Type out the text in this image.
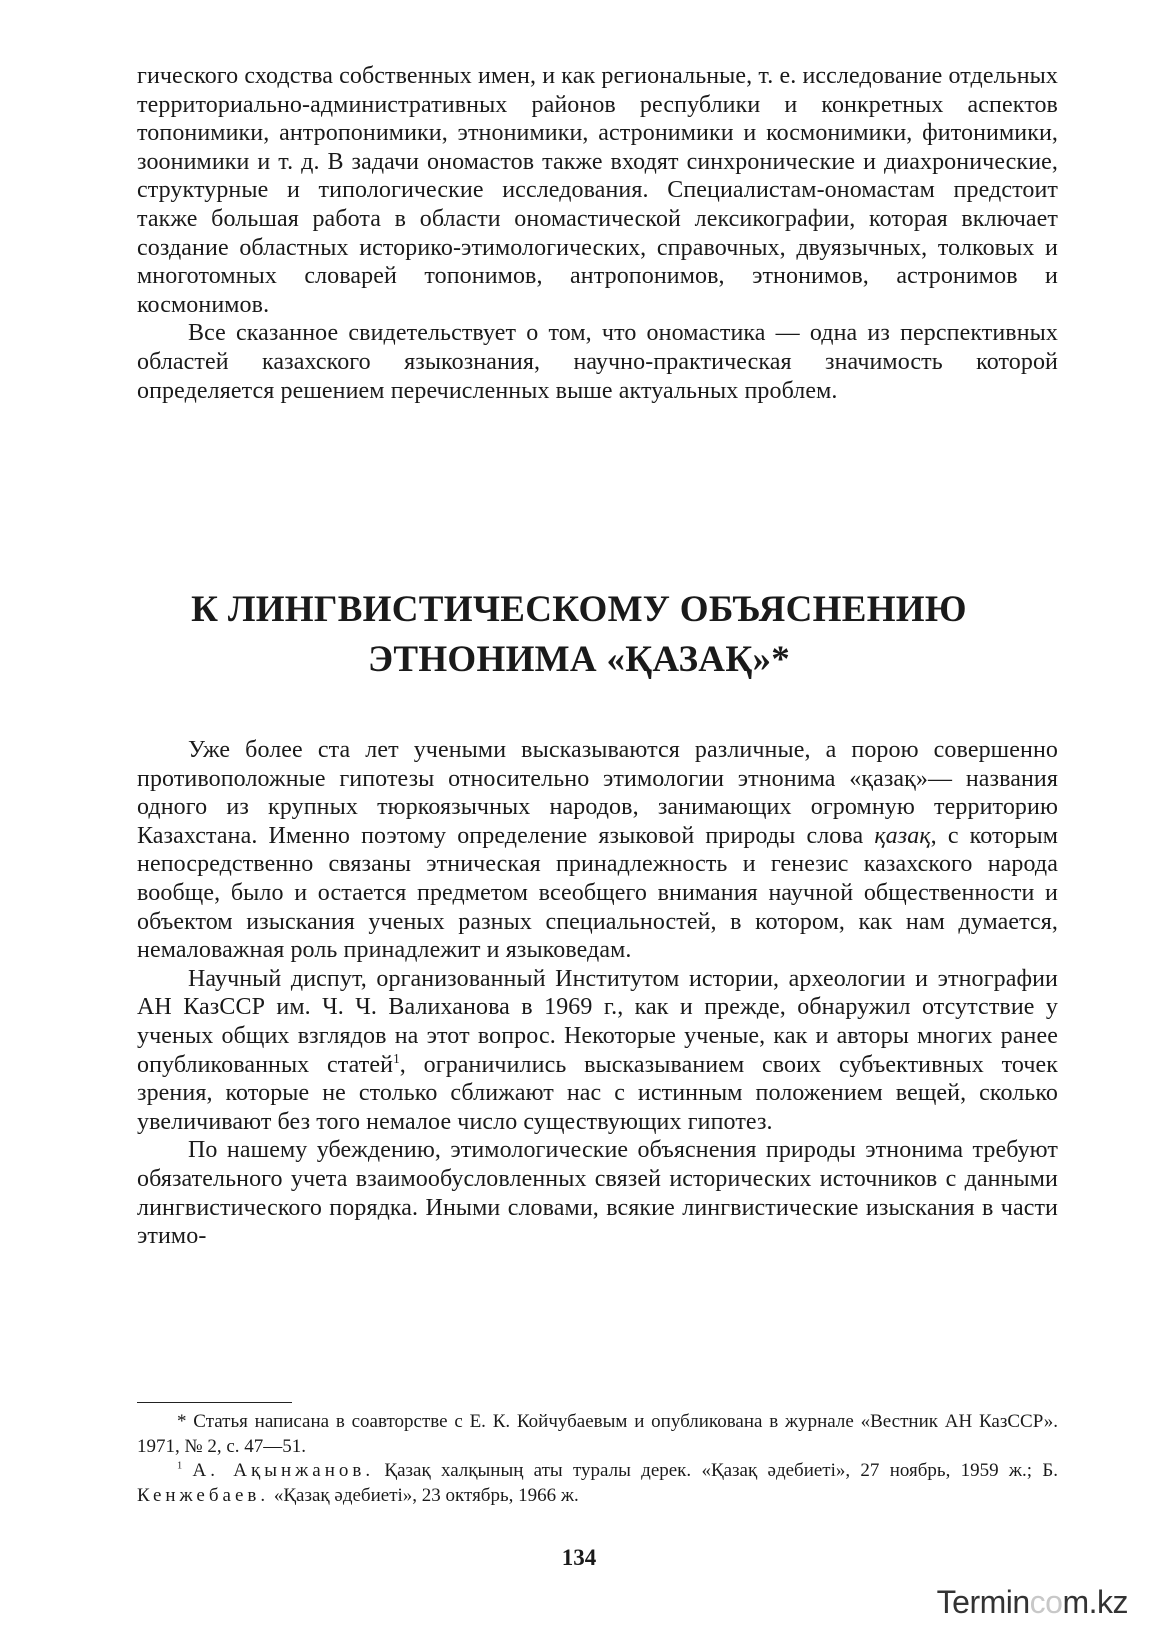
гического сходства собственных имен, и как региональные, т. е. исследование отдельных территориально-административных районов республики и конкретных аспектов топонимики, антропонимики, этнонимики, астронимики и космонимики, фитонимики, зоонимики и т. д. В задачи ономастов также входят синхронические и диахронические, структурные и типологические исследования. Специалистам-ономастам предстоит также большая работа в области ономастической лексикографии, которая включает создание областных историко-этимологических, справочных, двуязычных, толковых и многотомных словарей топонимов, антропонимов, этнонимов, астронимов и космонимов.

Все сказанное свидетельствует о том, что ономастика — одна из перспективных областей казахского языкознания, научно-практическая значимость которой определяется решением перечисленных выше актуальных проблем.

К ЛИНГВИСТИЧЕСКОМУ ОБЪЯСНЕНИЮ
ЭТНОНИМА «ҚАЗАҚ»*

Уже более ста лет учеными высказываются различные, а порою совершенно противоположные гипотезы относительно этимологии этнонима «қазақ»— названия одного из крупных тюркоязычных народов, занимающих огромную территорию Казахстана. Именно поэтому определение языковой природы слова қазақ, с которым непосредственно связаны этническая принадлежность и генезис казахского народа вообще, было и остается предметом всеобщего внимания научной общественности и объектом изыскания ученых разных специальностей, в котором, как нам думается, немаловажная роль принадлежит и языковедам.

Научный диспут, организованный Институтом истории, археологии и этнографии АН КазССР им. Ч. Ч. Валиханова в 1969 г., как и прежде, обнаружил отсутствие у ученых общих взглядов на этот вопрос. Некоторые ученые, как и авторы многих ранее опубликованных статей$^1$, ограничились высказыванием своих субъективных точек зрения, которые не столько сближают нас с истинным положением вещей, сколько увеличивают без того немалое число существующих гипотез.

По нашему убеждению, этимологические объяснения природы этнонима требуют обязательного учета взаимообусловленных связей исторических источников с данными лингвистического порядка. Иными словами, всякие лингвистические изыскания в части этимо-

* Статья написана в соавторстве с Е. К. Койчубаевым и опубликована в журнале «Вестник АН КазССР». 1971, № 2, с. 47—51.
$^1$ А. Ақынжанов. Қазақ халқының аты туралы дерек. «Қазақ әдебиеті», 27 ноябрь, 1959 ж.; Б. Кенжебаев. «Қазақ әдебиеті», 23 октябрь, 1966 ж.
134
Termincom.kz
